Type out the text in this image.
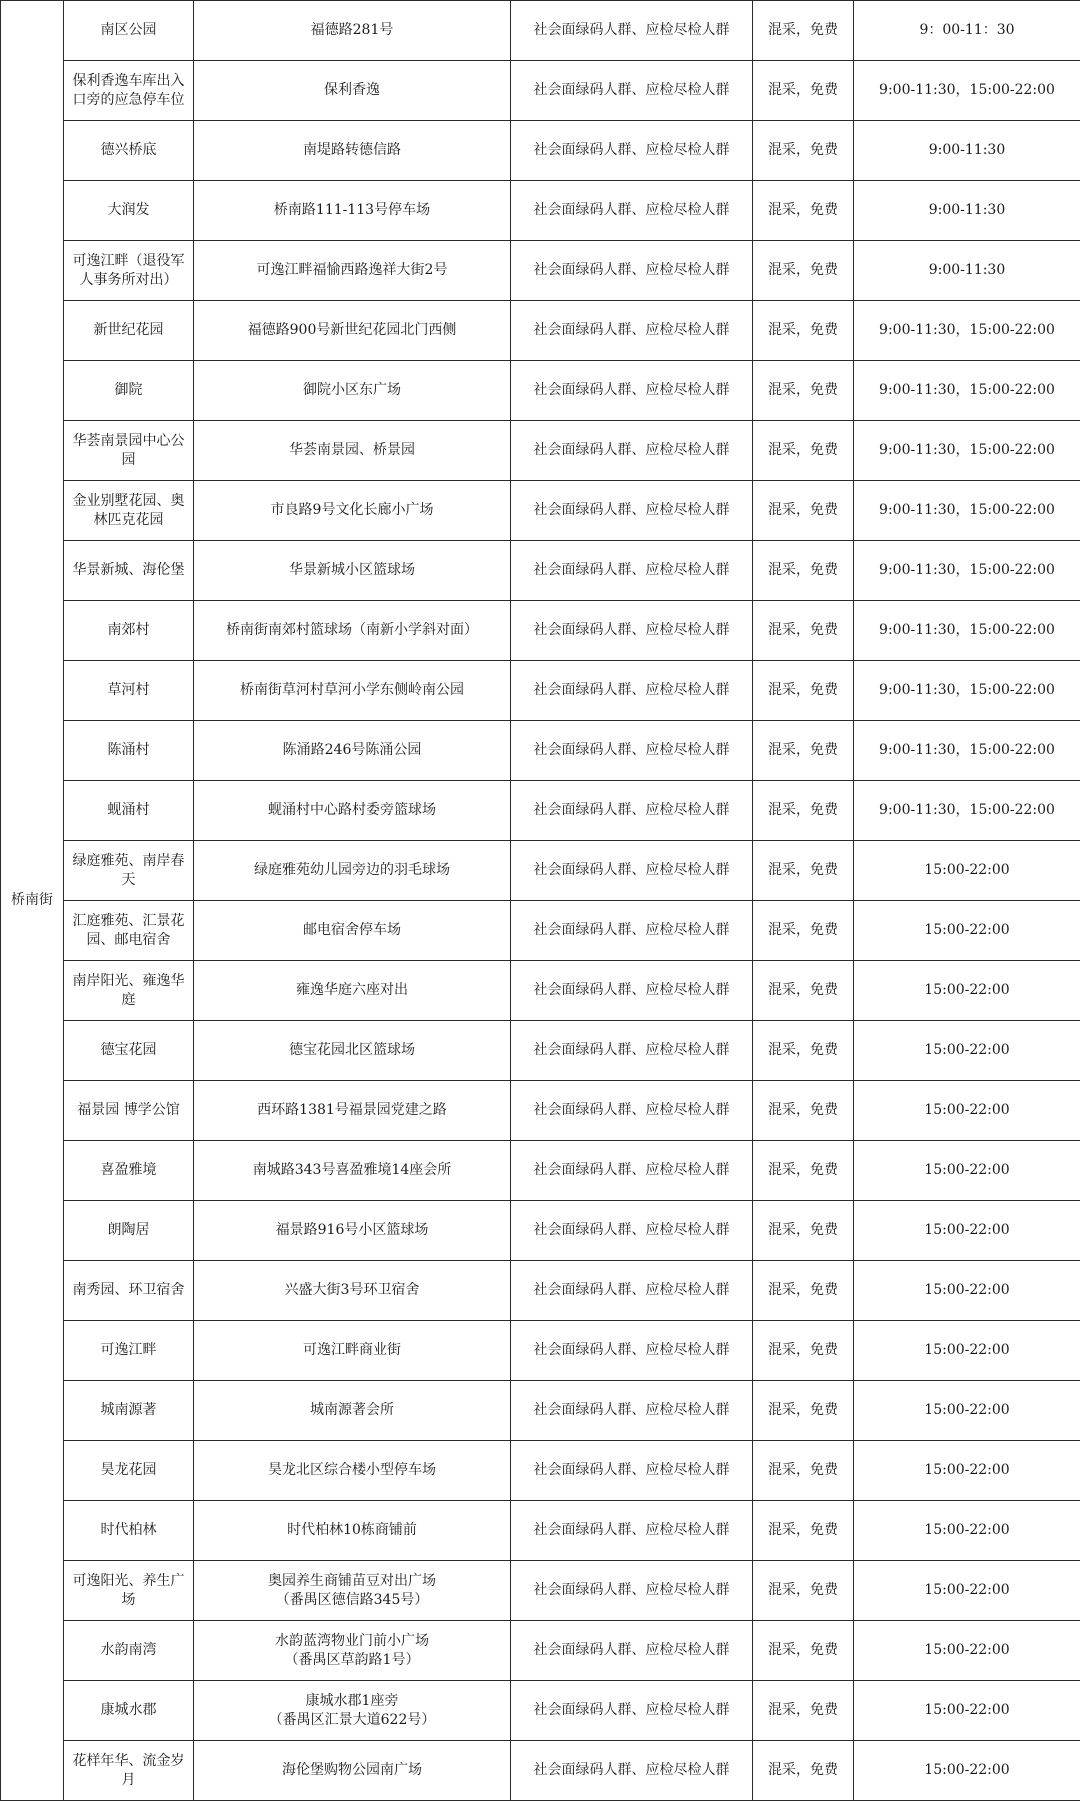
桥南街	南区公园	福德路281号	社会面绿码人群、应检尽检人群	混采，免费	9：00-11：30
	保利香逸车库出入口旁的应急停车位	保利香逸	社会面绿码人群、应检尽检人群	混采，免费	9:00-11:30，15:00-22:00
	德兴桥底	南堤路转德信路	社会面绿码人群、应检尽检人群	混采，免费	9:00-11:30
	大润发	桥南路111-113号停车场	社会面绿码人群、应检尽检人群	混采，免费	9:00-11:30
	可逸江畔（退役军人事务所对出）	可逸江畔福愉西路逸祥大街2号	社会面绿码人群、应检尽检人群	混采，免费	9:00-11:30
	新世纪花园	福德路900号新世纪花园北门西侧	社会面绿码人群、应检尽检人群	混采，免费	9:00-11:30，15:00-22:00
	御院	御院小区东广场	社会面绿码人群、应检尽检人群	混采，免费	9:00-11:30，15:00-22:00
	华荟南景园中心公园	华荟南景园、桥景园	社会面绿码人群、应检尽检人群	混采，免费	9:00-11:30，15:00-22:00
	金业别墅花园、奥林匹克花园	市良路9号文化长廊小广场	社会面绿码人群、应检尽检人群	混采，免费	9:00-11:30，15:00-22:00
	华景新城、海伦堡	华景新城小区篮球场	社会面绿码人群、应检尽检人群	混采，免费	9:00-11:30，15:00-22:00
	南郊村	桥南街南郊村篮球场（南新小学斜对面）	社会面绿码人群、应检尽检人群	混采，免费	9:00-11:30，15:00-22:00
	草河村	桥南街草河村草河小学东侧岭南公园	社会面绿码人群、应检尽检人群	混采，免费	9:00-11:30，15:00-22:00
	陈涌村	陈涌路246号陈涌公园	社会面绿码人群、应检尽检人群	混采，免费	9:00-11:30，15:00-22:00
	蚬涌村	蚬涌村中心路村委旁篮球场	社会面绿码人群、应检尽检人群	混采，免费	9:00-11:30，15:00-22:00
	绿庭雅苑、南岸春天	绿庭雅苑幼儿园旁边的羽毛球场	社会面绿码人群、应检尽检人群	混采，免费	15:00-22:00
	汇庭雅苑、汇景花园、邮电宿舍	邮电宿舍停车场	社会面绿码人群、应检尽检人群	混采，免费	15:00-22:00
	南岸阳光、雍逸华庭	雍逸华庭六座对出	社会面绿码人群、应检尽检人群	混采，免费	15:00-22:00
	德宝花园	德宝花园北区篮球场	社会面绿码人群、应检尽检人群	混采，免费	15:00-22:00
	福景园 博学公馆	西环路1381号福景园党建之路	社会面绿码人群、应检尽检人群	混采，免费	15:00-22:00
	喜盈雅境	南城路343号喜盈雅境14座会所	社会面绿码人群、应检尽检人群	混采，免费	15:00-22:00
	朗陶居	福景路916号小区篮球场	社会面绿码人群、应检尽检人群	混采，免费	15:00-22:00
	南秀园、环卫宿舍	兴盛大街3号环卫宿舍	社会面绿码人群、应检尽检人群	混采，免费	15:00-22:00
	可逸江畔	可逸江畔商业街	社会面绿码人群、应检尽检人群	混采，免费	15:00-22:00
	城南源著	城南源著会所	社会面绿码人群、应检尽检人群	混采，免费	15:00-22:00
	昊龙花园	昊龙北区综合楼小型停车场	社会面绿码人群、应检尽检人群	混采，免费	15:00-22:00
	时代柏林	时代柏林10栋商铺前	社会面绿码人群、应检尽检人群	混采，免费	15:00-22:00
	可逸阳光、养生广场	奥园养生商铺苗豆对出广场
（番禺区德信路345号）	社会面绿码人群、应检尽检人群	混采，免费	15:00-22:00
	水韵南湾	水韵蓝湾物业门前小广场
（番禺区草韵路1号）	社会面绿码人群、应检尽检人群	混采，免费	15:00-22:00
	康城水郡	康城水郡1座旁
（番禺区汇景大道622号）	社会面绿码人群、应检尽检人群	混采，免费	15:00-22:00
	花样年华、流金岁月	海伦堡购物公园南广场	社会面绿码人群、应检尽检人群	混采，免费	15:00-22:00
